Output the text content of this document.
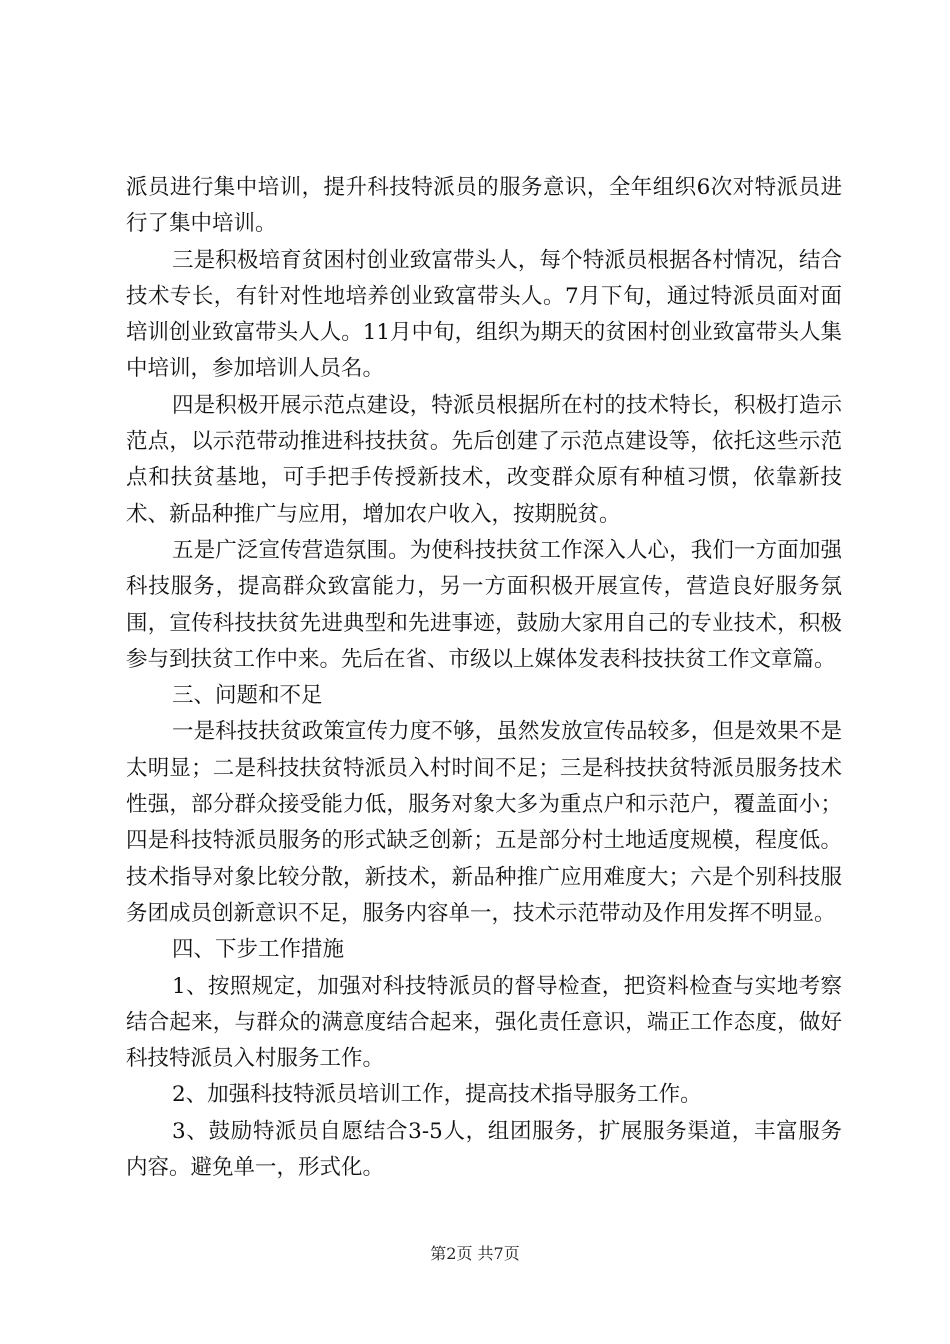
派员进行集中培训，提升科技特派员的服务意识，全年组织6次对特派员进行了集中培训。

三是积极培育贫困村创业致富带头人，每个特派员根据各村情况，结合技术专长，有针对性地培养创业致富带头人。7月下旬，通过特派员面对面培训创业致富带头人人。11月中旬，组织为期天的贫困村创业致富带头人集中培训，参加培训人员名。

四是积极开展示范点建设，特派员根据所在村的技术特长，积极打造示范点，以示范带动推进科技扶贫。先后创建了示范点建设等，依托这些示范点和扶贫基地，可手把手传授新技术，改变群众原有种植习惯，依靠新技术、新品种推广与应用，增加农户收入，按期脱贫。

五是广泛宣传营造氛围。为使科技扶贫工作深入人心，我们一方面加强科技服务，提高群众致富能力，另一方面积极开展宣传，营造良好服务氛围，宣传科技扶贫先进典型和先进事迹，鼓励大家用自己的专业技术，积极参与到扶贫工作中来。先后在省、市级以上媒体发表科技扶贫工作文章篇。

三、问题和不足

一是科技扶贫政策宣传力度不够，虽然发放宣传品较多，但是效果不是太明显；二是科技扶贫特派员入村时间不足；三是科技扶贫特派员服务技术性强，部分群众接受能力低，服务对象大多为重点户和示范户，覆盖面小；四是科技特派员服务的形式缺乏创新；五是部分村土地适度规模，程度低。技术指导对象比较分散，新技术，新品种推广应用难度大；六是个别科技服务团成员创新意识不足，服务内容单一，技术示范带动及作用发挥不明显。

四、下步工作措施

1、按照规定，加强对科技特派员的督导检查，把资料检查与实地考察结合起来，与群众的满意度结合起来，强化责任意识，端正工作态度，做好科技特派员入村服务工作。

2、加强科技特派员培训工作，提高技术指导服务工作。

3、鼓励特派员自愿结合3-5人，组团服务，扩展服务渠道，丰富服务内容。避免单一，形式化。

第2页 共7页
